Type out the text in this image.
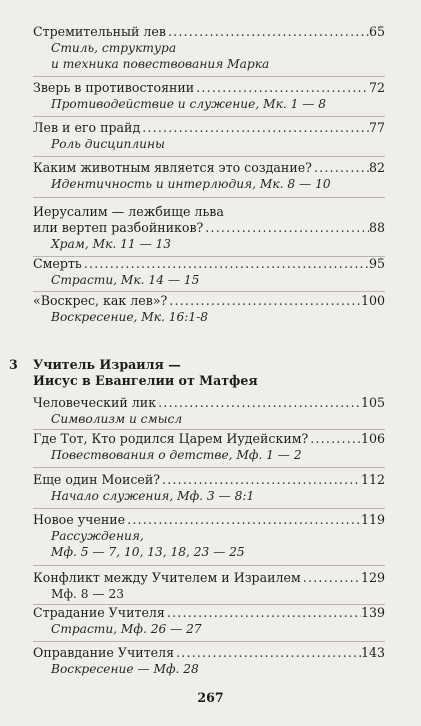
Стремительный лев .....	65
Стиль, структура
и техника повествования Марка
Зверь в противостоянии .....	72
Противодействие и служение, Мк. 1 — 8
Лев и его прайд .....	77
Роль дисциплины
Каким животным является это создание? .....	82
Идентичность и интерлюдия, Мк. 8 — 10
Иерусалим — лежбище льва
или вертеп разбойников? .....	88
Храм, Мк. 11 — 13
Смерть .....	95
Страсти, Мк. 14 — 15
«Воскрес, как лев»? .....	100
Воскресение, Мк. 16:1-8
3 Учитель Израиля —
Иисус в Евангелии от Матфея
Человеческий лик .....	105
Символизм и смысл
Где Тот, Кто родился Царем Иудейским? .....	106
Повествования о детстве, Мф. 1 — 2
Еще один Моисей? .....	112
Начало служения, Мф. 3 — 8:1
Новое учение .....	119
Рассуждения,
Мф. 5 — 7, 10, 13, 18, 23 — 25
Конфликт между Учителем и Израилем .....	129
Мф. 8 — 23
Страдание Учителя .....	139
Страсти, Мф. 26 — 27
Оправдание Учителя .....	143
Воскресение — Мф. 28
267
